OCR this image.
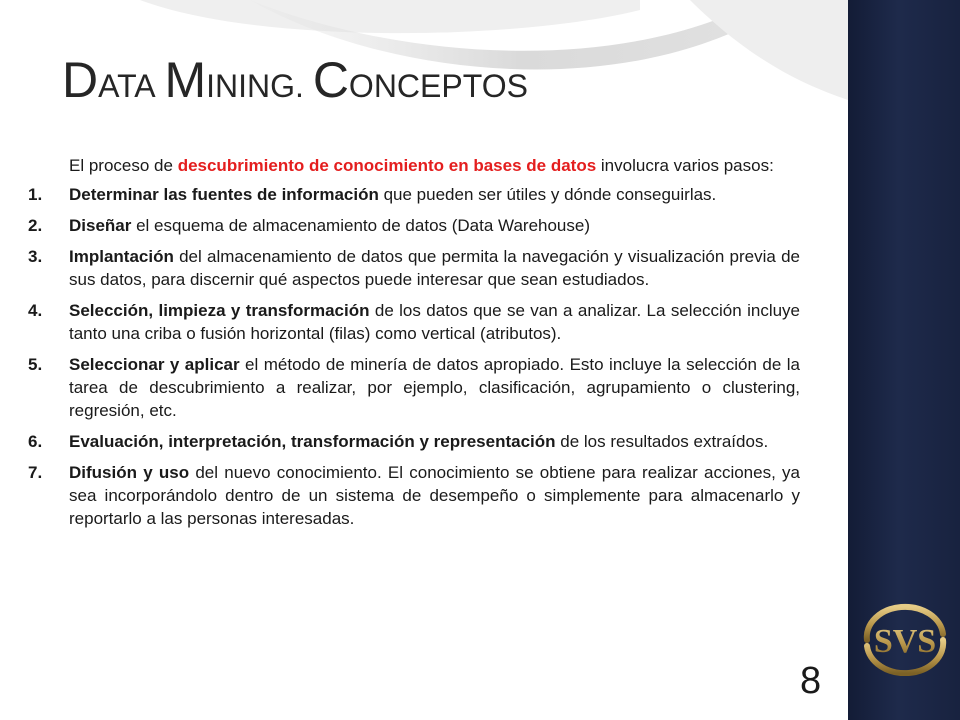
SVS
DATA MINING. CONCEPTOS

El proceso de descubrimiento de conocimiento en bases de datos involucra varios pasos:

1. Determinar las fuentes de información que pueden ser útiles y dónde conseguirlas.
2. Diseñar el esquema de almacenamiento de datos (Data Warehouse)
3. Implantación del almacenamiento de datos que permita la navegación y visualización previa de sus datos, para discernir qué aspectos puede interesar que sean estudiados.
4. Selección, limpieza y transformación de los datos que se van a analizar. La selección incluye tanto una criba o fusión horizontal (filas) como vertical (atributos).
5. Seleccionar y aplicar el método de minería de datos apropiado. Esto incluye la selección de la tarea de descubrimiento a realizar, por ejemplo, clasificación, agrupamiento o clustering, regresión, etc.
6. Evaluación, interpretación, transformación y representación de los resultados extraídos.
7. Difusión y uso del nuevo conocimiento. El conocimiento se obtiene para realizar acciones, ya sea incorporándolo dentro de un sistema de desempeño o simplemente para almacenarlo y reportarlo a las personas interesadas.
8
